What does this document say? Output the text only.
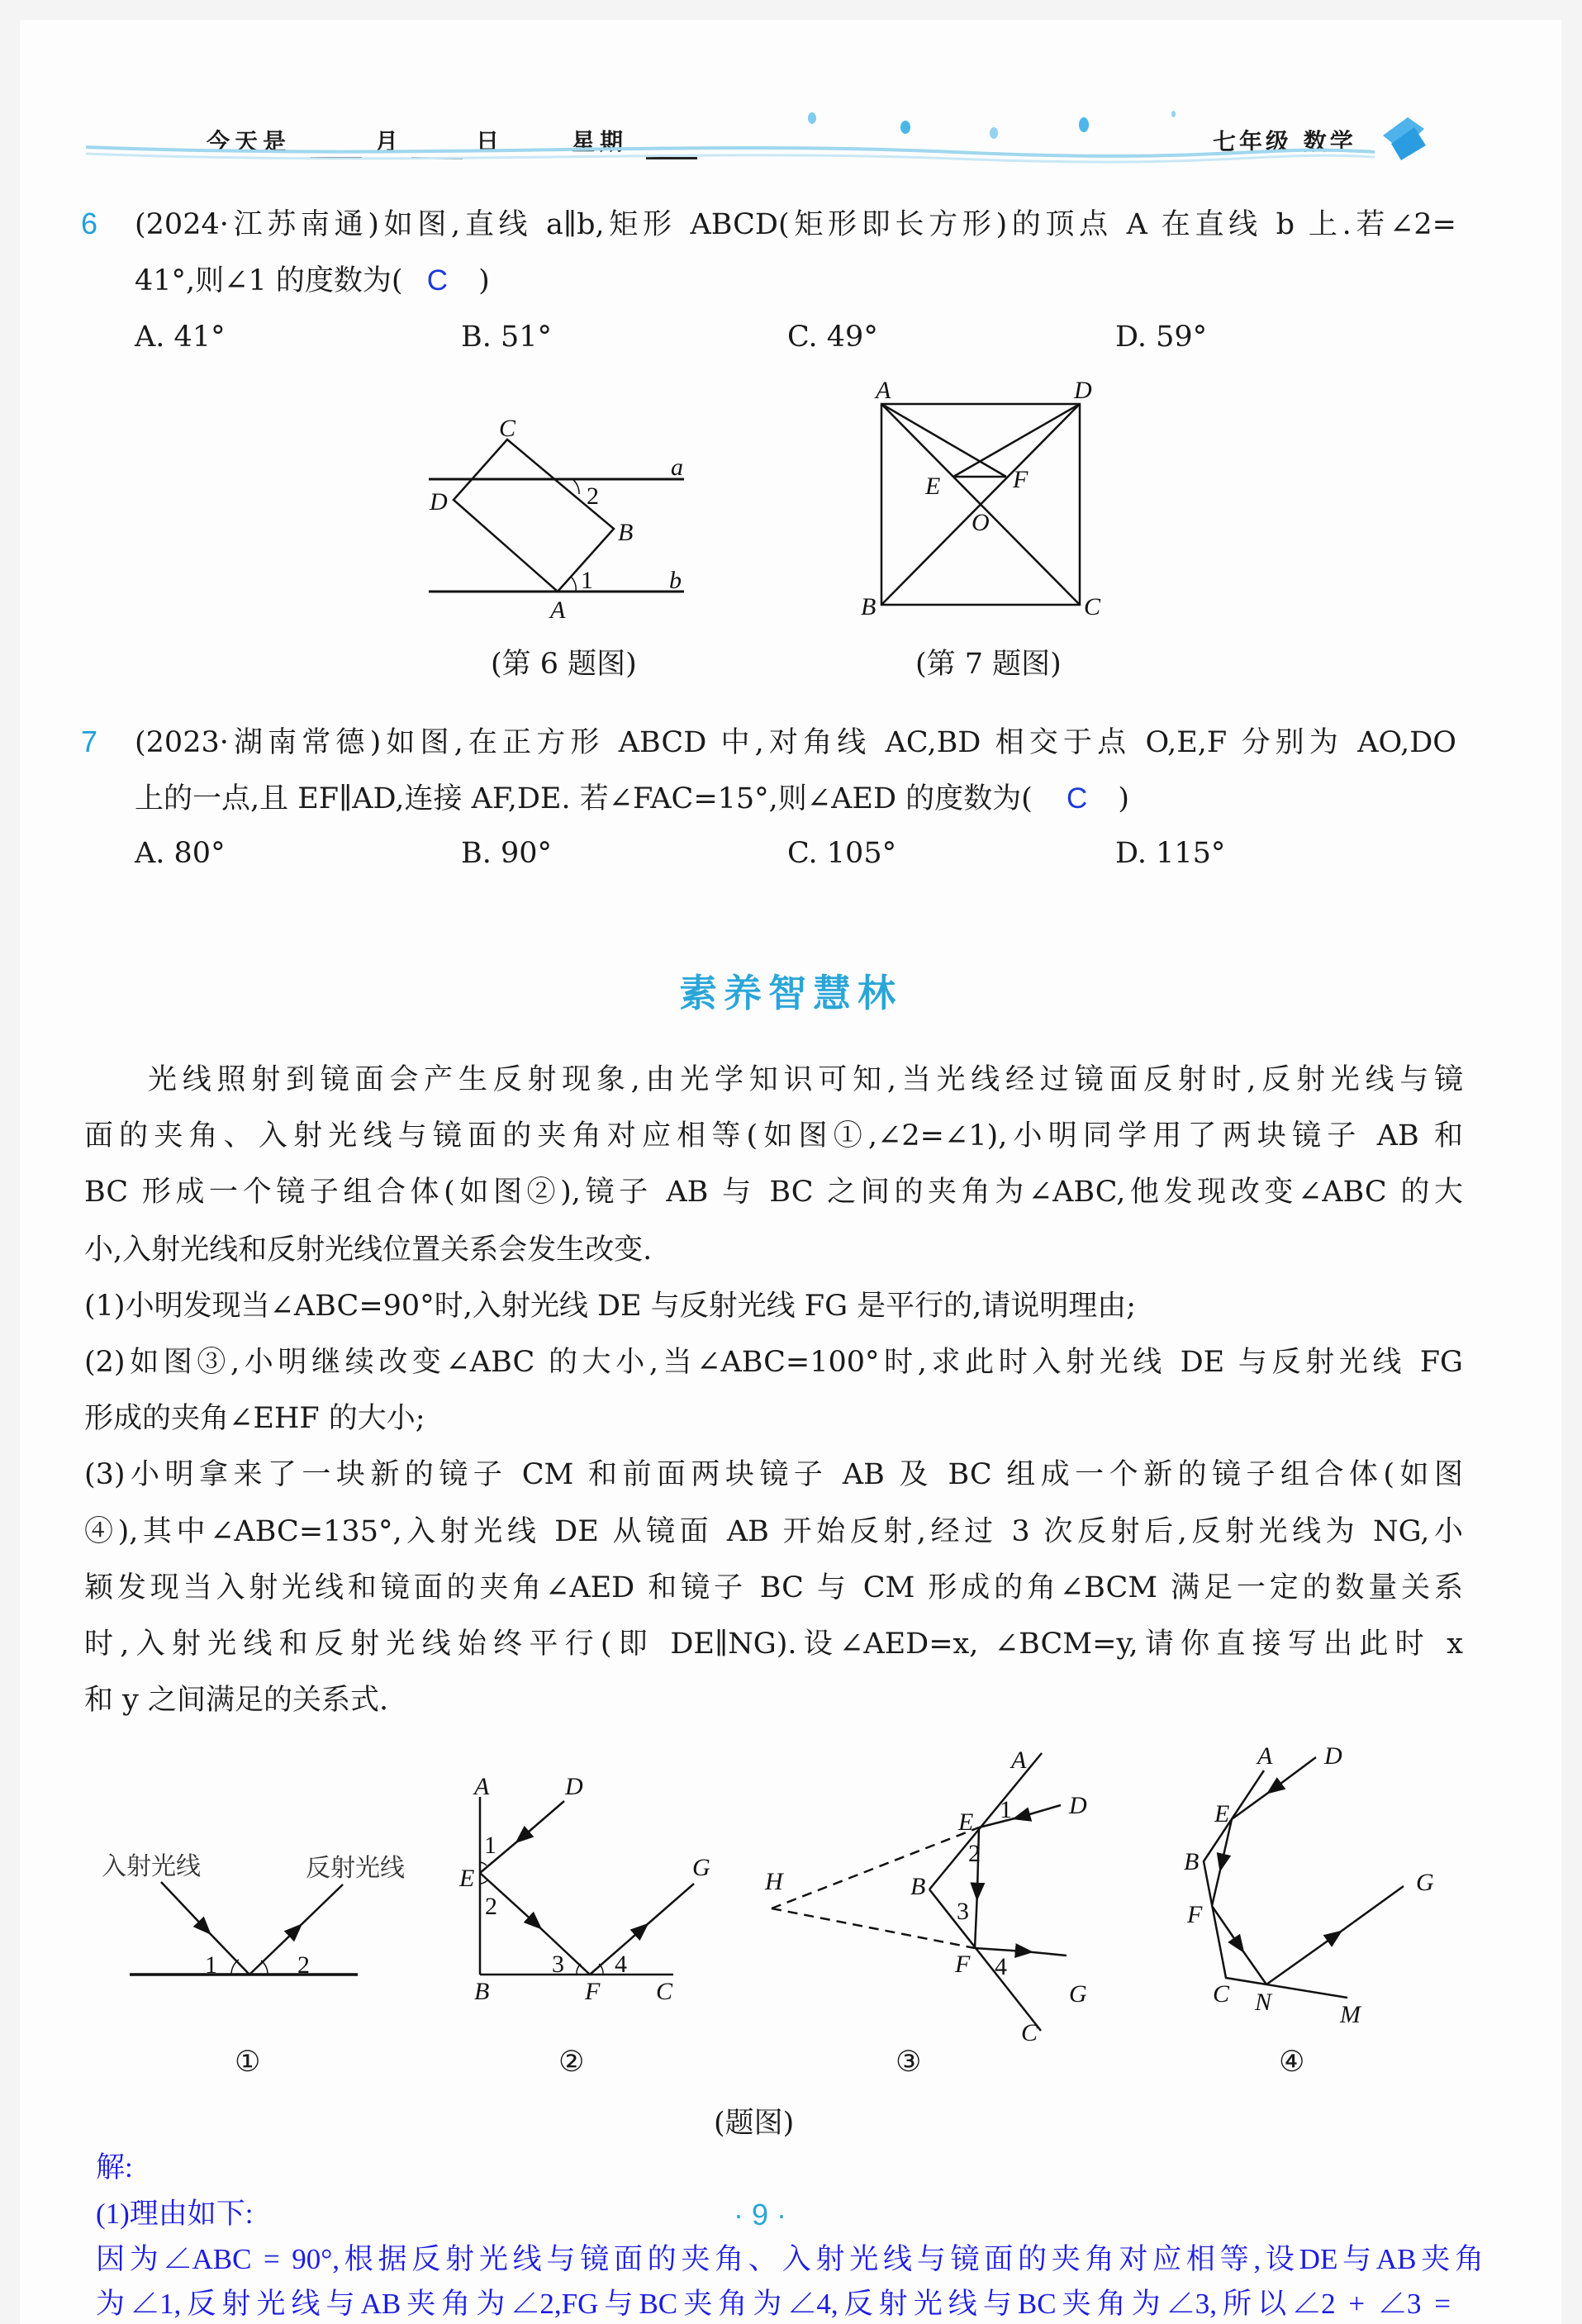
今天是	月	日	星期	七年级 数学
6 (2024·江苏南通)如图,直线 a∥b,矩形 ABCD(矩形即长方形)的顶点 A 在直线 b 上.若∠2=
41°,则∠1 的度数为( C )
A. 41°	B. 51°	C. 49°	D. 59°
C
a
2
D
B
1	b
A
A	D
E	F
O
B	C
(第 6 题图)	(第 7 题图)
7 (2023·湖南常德)如图,在正方形 ABCD 中,对角线 AC,BD 相交于点 O,E,F 分别为 AO,DO
上的一点,且 EF∥AD,连接 AF,DE. 若∠FAC=15°,则∠AED 的度数为( C )
A. 80°	B. 90°	C. 105°	D. 115°
素养智慧林
光线照射到镜面会产生反射现象,由光学知识可知,当光线经过镜面反射时,反射光线与镜
面的夹角、入射光线与镜面的夹角对应相等(如图①,∠2=∠1),小明同学用了两块镜子 AB 和
BC 形成一个镜子组合体(如图②),镜子 AB 与 BC 之间的夹角为∠ABC,他发现改变∠ABC 的大
小,入射光线和反射光线位置关系会发生改变.
(1)小明发现当∠ABC=90°时,入射光线 DE 与反射光线 FG 是平行的,请说明理由;
(2)如图③,小明继续改变∠ABC 的大小,当∠ABC=100°时,求此时入射光线 DE 与反射光线 FG
形成的夹角∠EHF 的大小;
(3)小明拿来了一块新的镜子 CM 和前面两块镜子 AB 及 BC 组成一个新的镜子组合体(如图
④),其中∠ABC=135°,入射光线 DE 从镜面 AB 开始反射,经过 3 次反射后,反射光线为 NG,小
颖发现当入射光线和镜面的夹角∠AED 和镜子 BC 与 CM 形成的角∠BCM 满足一定的数量关系
时,入射光线和反射光线始终平行(即 DE∥NG).设∠AED=x, ∠BCM=y,请你直接写出此时 x
和 y 之间满足的关系式.
1	2
A	D
E
1
2
B	F C
G
3 4
A
D
E 1
2
H	B
3
F 4
G
C
A D
E
B
F
G
C N	M
入射光线	反射光线
①	②	③	④
(题图)
解:
(1)理由如下:
因为∠ABC = 90°,根据反射光线与镜面的夹角、入射光线与镜面的夹角对应相等,设DE与AB夹角
为∠1,反射光线与AB夹角为∠2,FG与BC夹角为∠4,反射光线与BC夹角为∠3,所以∠2 + ∠3 =
· 9 ·
